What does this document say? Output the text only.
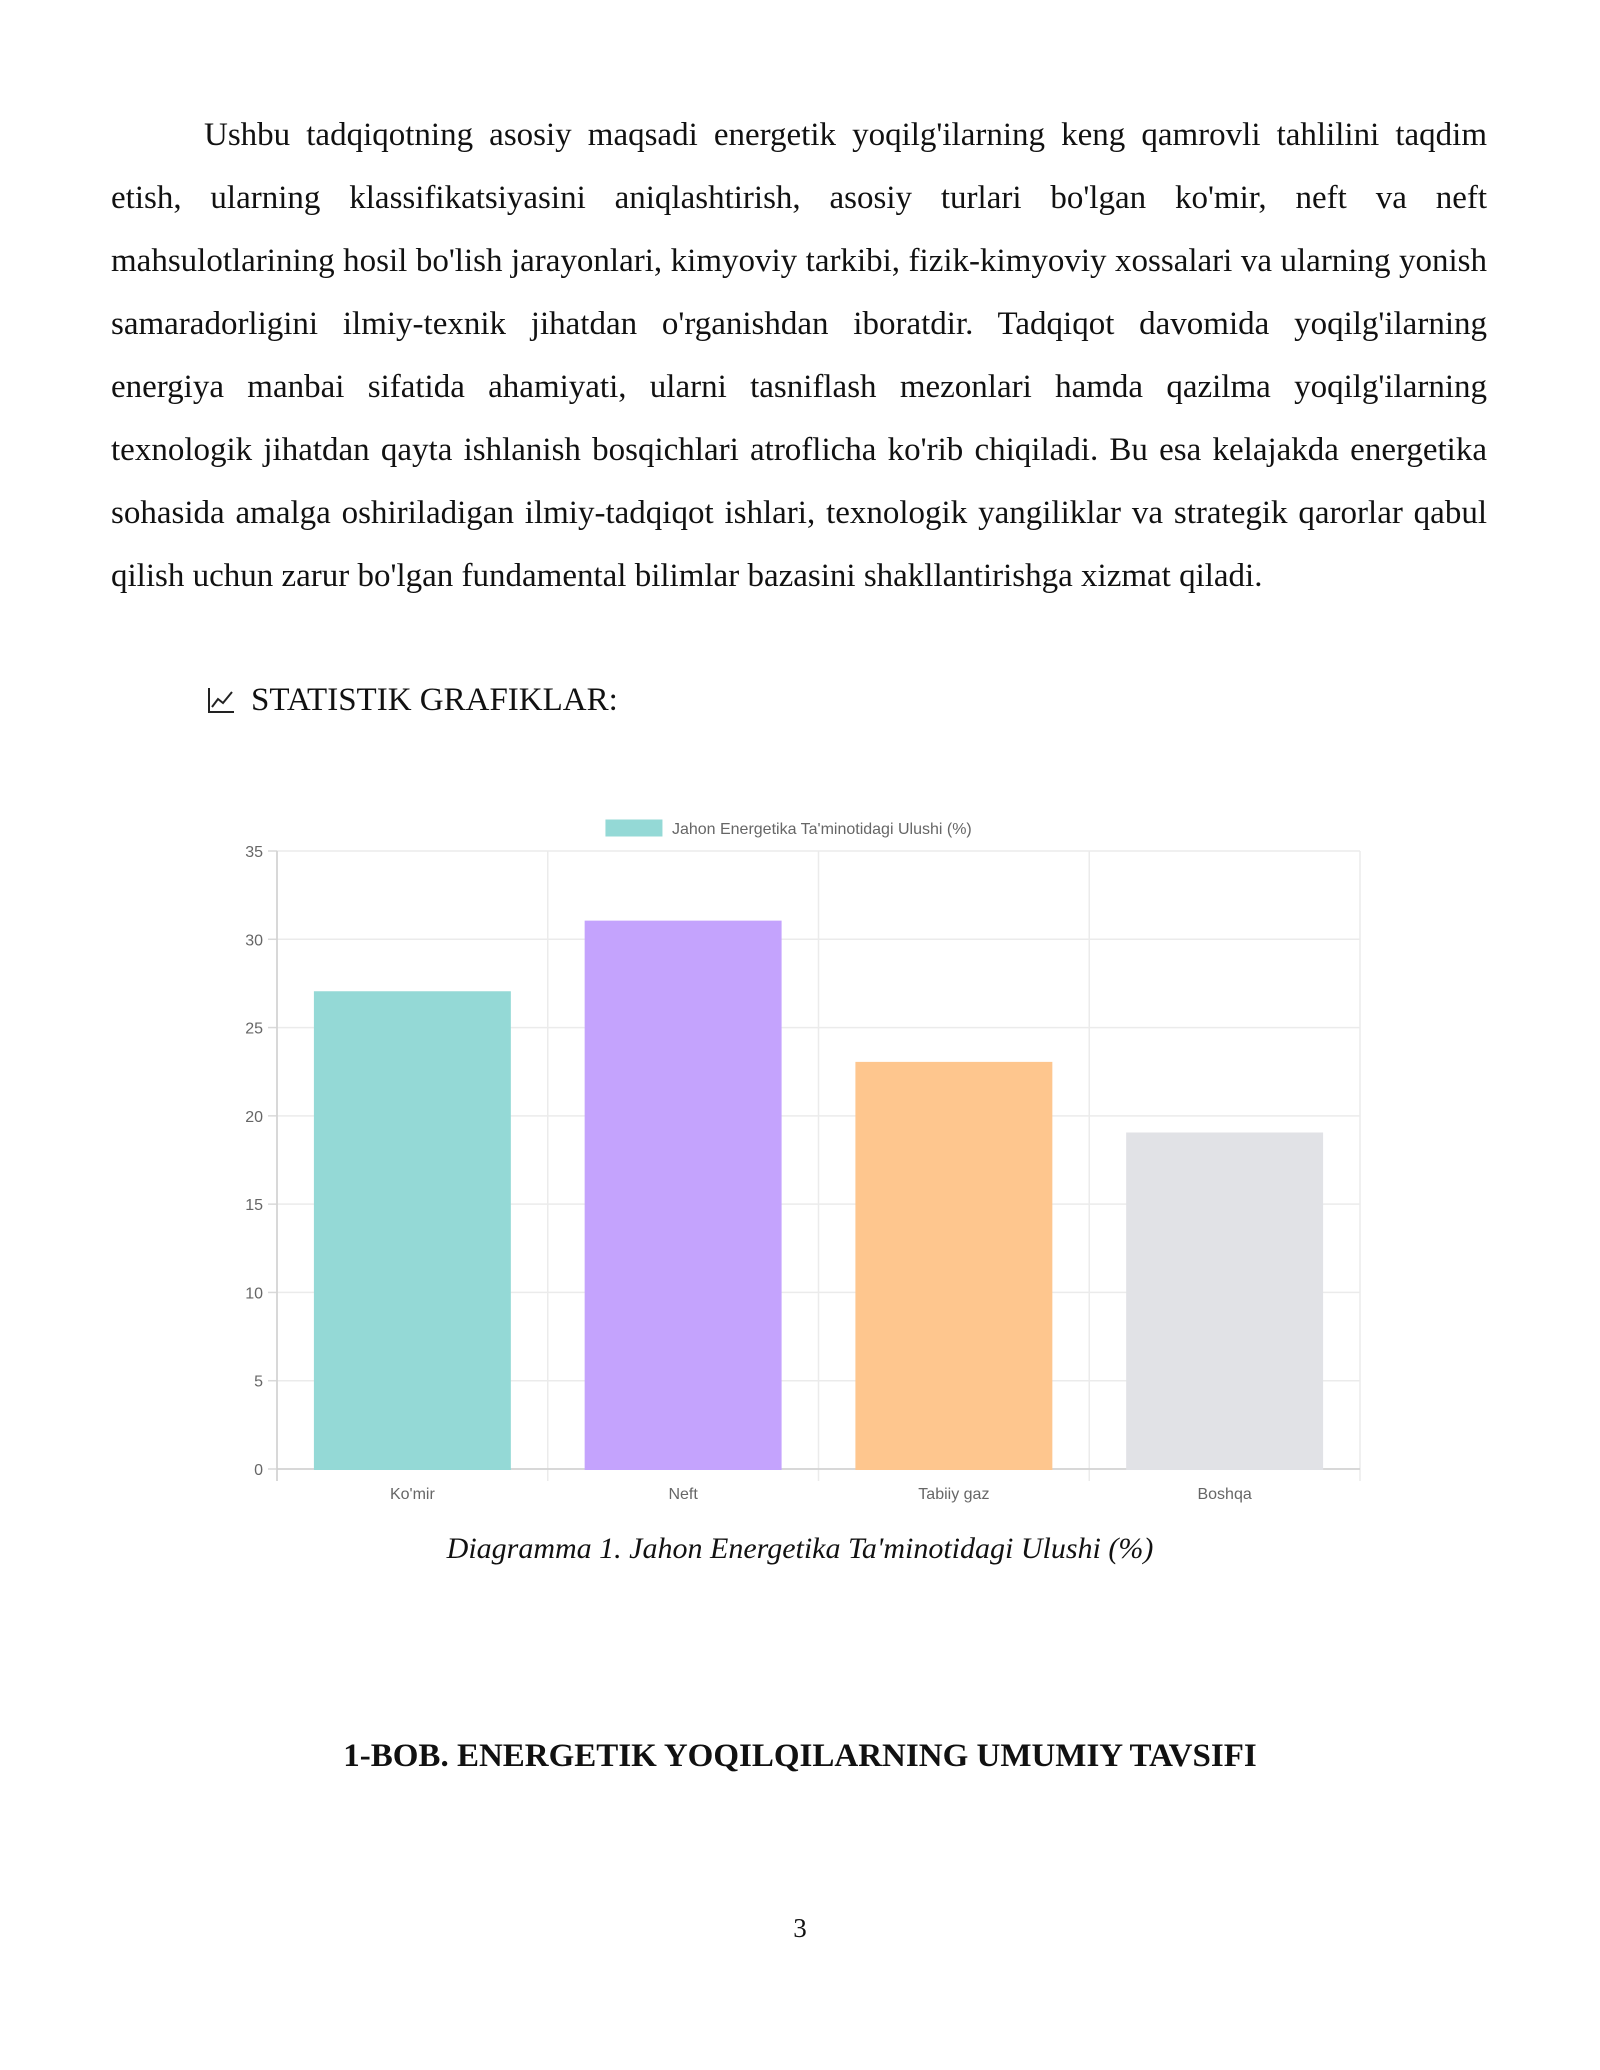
Ushbu tadqiqotning asosiy maqsadi energetik yoqilg'ilarning keng qamrovli tahlilini taqdim etish, ularning klassifikatsiyasini aniqlashtirish, asosiy turlari bo'lgan ko'mir, neft va neft mahsulotlarining hosil bo'lish jarayonlari, kimyoviy tarkibi, fizik-kimyoviy xossalari va ularning yonish samaradorligini ilmiy-texnik jihatdan o'rganishdan iboratdir. Tadqiqot davomida yoqilg'ilarning energiya manbai sifatida ahamiyati, ularni tasniflash mezonlari hamda qazilma yoqilg'ilarning texnologik jihatdan qayta ishlanish bosqichlari atroflicha ko'rib chiqiladi. Bu esa kelajakda energetika sohasida amalga oshiriladigan ilmiy-tadqiqot ishlari, texnologik yangiliklar va strategik qarorlar qabul qilish uchun zarur bo'lgan fundamental bilimlar bazasini shakllantirishga xizmat qiladi.

STATISTIK GRAFIKLAR:
0
5
10
15
20
25
30
35
Ko'mir	Neft	Tabiiy gaz	Boshqa
Jahon Energetika Ta'minotidagi Ulushi (%)
Diagramma 1. Jahon Energetika Ta'minotidagi Ulushi (%)
1-BOB. ENERGETIK YOQILQILARNING UMUMIY TAVSIFI
3
